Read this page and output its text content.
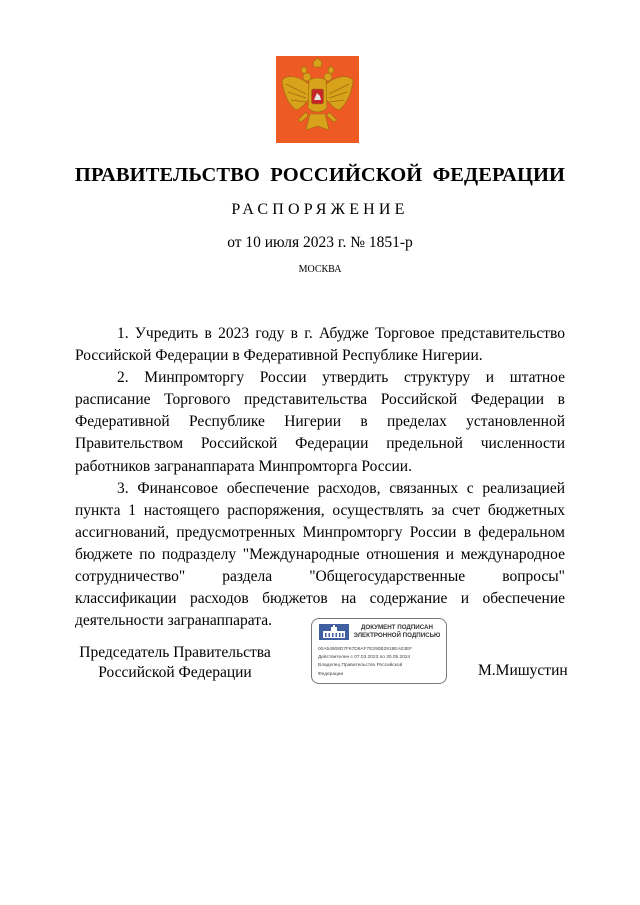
ПРАВИТЕЛЬСТВО РОССИЙСКОЙ ФЕДЕРАЦИИ
РАСПОРЯЖЕНИЕ
от 10 июля 2023 г. № 1851-р
МОСКВА

1. Учредить в 2023 году в г. Абудже Торговое представительство Российской Федерации в Федеративной Республике Нигерии.

2. Минпромторгу России утвердить структуру и штатное расписание Торгового представительства Российской Федерации в Федеративной Республике Нигерии в пределах установленной Правительством Российской Федерации предельной численности работников загранаппарата Минпромторга России.

3. Финансовое обеспечение расходов, связанных с реализацией пункта 1 настоящего распоряжения, осуществлять за счет бюджетных ассигнований, предусмотренных Минпромторгу России в федеральном бюджете по подразделу "Международные отношения и международное сотрудничество" раздела "Общегосударственные вопросы" классификации расходов бюджетов на содержание и обеспечение деятельности загранаппарата.

Председатель Правительства
Российской Федерации
ДОКУМЕНТ ПОДПИСАН
ЭЛЕКТРОННОЙ ПОДПИСЬЮ
00A54908D7F67D9AF7E290B2918EA03EF
Действителен с 07.03.2023 по 30.05.2024
Владелец Правительство Российской
Федерации	М.Мишустин
